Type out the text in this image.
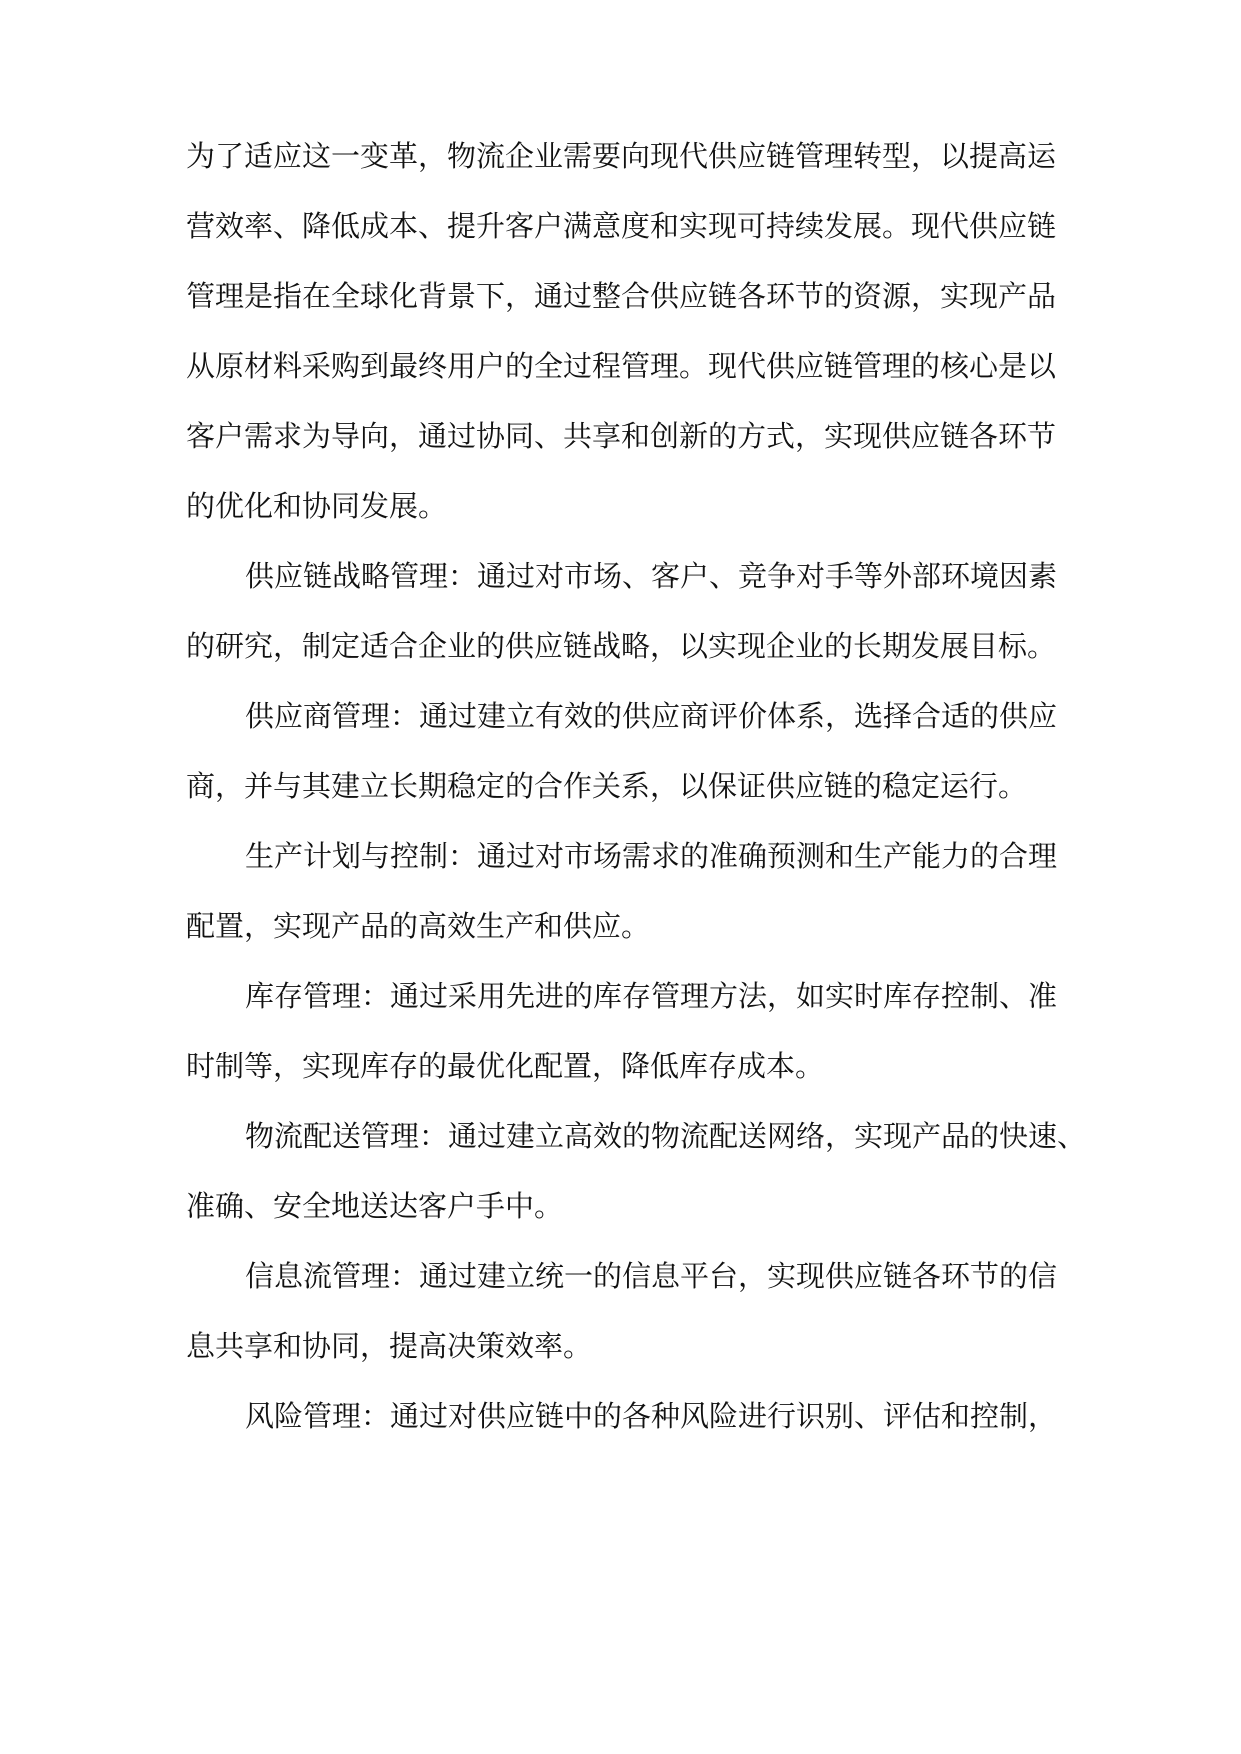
为了适应这一变革，物流企业需要向现代供应链管理转型，以提高运

营效率、降低成本、提升客户满意度和实现可持续发展。现代供应链

管理是指在全球化背景下，通过整合供应链各环节的资源，实现产品

从原材料采购到最终用户的全过程管理。现代供应链管理的核心是以

客户需求为导向，通过协同、共享和创新的方式，实现供应链各环节

的优化和协同发展。

供应链战略管理：通过对市场、客户、竞争对手等外部环境因素

的研究，制定适合企业的供应链战略，以实现企业的长期发展目标。

供应商管理：通过建立有效的供应商评价体系，选择合适的供应

商，并与其建立长期稳定的合作关系，以保证供应链的稳定运行。

生产计划与控制：通过对市场需求的准确预测和生产能力的合理

配置，实现产品的高效生产和供应。

库存管理：通过采用先进的库存管理方法，如实时库存控制、准

时制等，实现库存的最优化配置，降低库存成本。

物流配送管理：通过建立高效的物流配送网络，实现产品的快速、

准确、安全地送达客户手中。

信息流管理：通过建立统一的信息平台，实现供应链各环节的信

息共享和协同，提高决策效率。

风险管理：通过对供应链中的各种风险进行识别、评估和控制，
